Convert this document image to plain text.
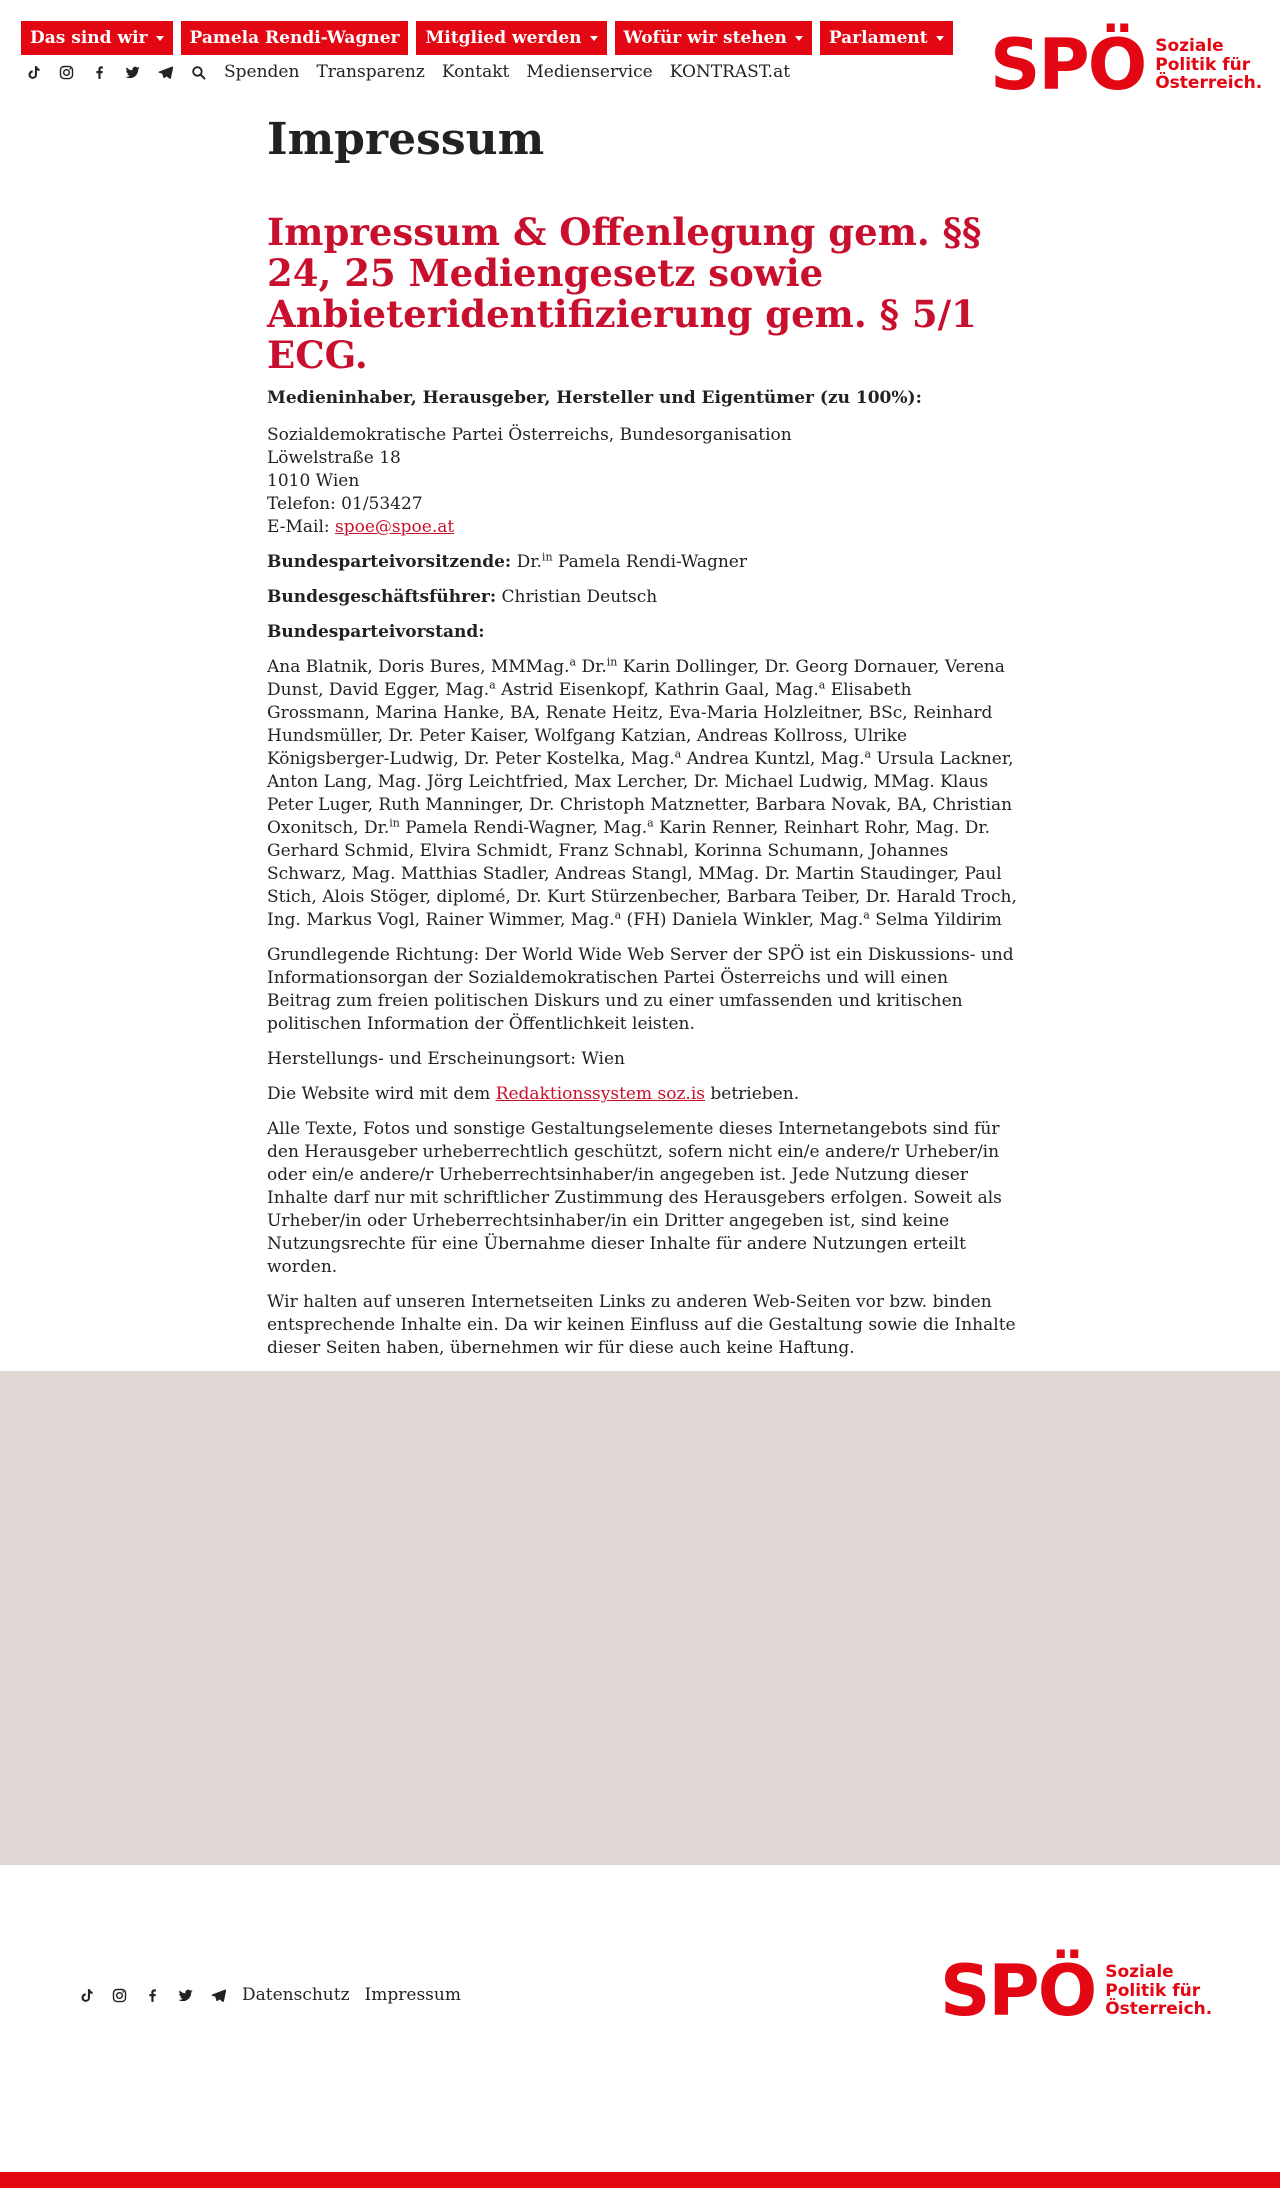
Das sind wir Pamela Rendi-Wagner Mitglied werden Wofür wir stehen Parlament
Spenden Transparenz Kontakt Medienservice KONTRAST.at	SPÖ Soziale
Politik für
Österreich.
Impressum
Impressum & Offenlegung gem. §§ 24, 25 Mediengesetz sowie Anbieteridentifizierung gem. § 5/1 ECG.

Medieninhaber, Herausgeber, Hersteller und Eigentümer (zu 100%):

Sozialdemokratische Partei Österreichs, Bundesorganisation
Löwelstraße 18
1010 Wien
Telefon: 01/53427
E-Mail: spoe@spoe.at

Bundesparteivorsitzende: Dr.$^{in}$ Pamela Rendi-Wagner

Bundesgeschäftsführer: Christian Deutsch

Bundesparteivorstand:

Ana Blatnik, Doris Bures, MMMag.$^a$ Dr.$^{in}$ Karin Dollinger, Dr. Georg Dornauer, Verena Dunst, David Egger, Mag.$^a$ Astrid Eisenkopf, Kathrin Gaal, Mag.$^a$ Elisabeth Grossmann, Marina Hanke, BA, Renate Heitz, Eva-Maria Holzleitner, BSc, Reinhard Hundsmüller, Dr. Peter Kaiser, Wolfgang Katzian, Andreas Kollross, Ulrike Königsberger-Ludwig, Dr. Peter Kostelka, Mag.$^a$ Andrea Kuntzl, Mag.$^a$ Ursula Lackner, Anton Lang, Mag. Jörg Leichtfried, Max Lercher, Dr. Michael Ludwig, MMag. Klaus Peter Luger, Ruth Manninger, Dr. Christoph Matznetter, Barbara Novak, BA, Christian Oxonitsch, Dr.$^{in}$ Pamela Rendi-Wagner, Mag.$^a$ Karin Renner, Reinhart Rohr, Mag. Dr. Gerhard Schmid, Elvira Schmidt, Franz Schnabl, Korinna Schumann, Johannes Schwarz, Mag. Matthias Stadler, Andreas Stangl, MMag. Dr. Martin Staudinger, Paul Stich, Alois Stöger, diplomé, Dr. Kurt Stürzenbecher, Barbara Teiber, Dr. Harald Troch, Ing. Markus Vogl, Rainer Wimmer, Mag.$^a$ (FH) Daniela Winkler, Mag.$^a$ Selma Yildirim

Grundlegende Richtung: Der World Wide Web Server der SPÖ ist ein Diskussions- und Informationsorgan der Sozialdemokratischen Partei Österreichs und will einen Beitrag zum freien politischen Diskurs und zu einer umfassenden und kritischen politischen Information der Öffentlichkeit leisten.

Herstellungs- und Erscheinungsort: Wien

Die Website wird mit dem Redaktionssystem soz.is betrieben.

Alle Texte, Fotos und sonstige Gestaltungselemente dieses Internetangebots sind für den Herausgeber urheberrechtlich geschützt, sofern nicht ein/e andere/r Urheber/in oder ein/e andere/r Urheberrechtsinhaber/in angegeben ist. Jede Nutzung dieser Inhalte darf nur mit schriftlicher Zustimmung des Herausgebers erfolgen. Soweit als Urheber/in oder Urheberrechtsinhaber/in ein Dritter angegeben ist, sind keine Nutzungsrechte für eine Übernahme dieser Inhalte für andere Nutzungen erteilt worden.

Wir halten auf unseren Internetseiten Links zu anderen Web-Seiten vor bzw. binden entsprechende Inhalte ein. Da wir keinen Einfluss auf die Gestaltung sowie die Inhalte dieser Seiten haben, übernehmen wir für diese auch keine Haftung.

Datenschutz Impressum	SPÖ Soziale
Politik für
Österreich.
